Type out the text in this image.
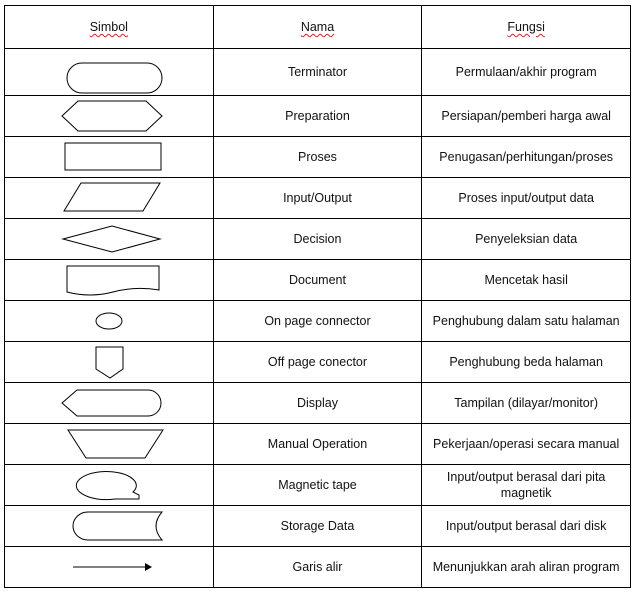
Simbol	Nama	Fungsi

	Terminator	Permulaan/akhir program

	Preparation	Persiapan/pemberi harga awal

	Proses	Penugasan/perhitungan/proses

	Input/Output	Proses input/output data

	Decision	Penyeleksian data

	Document	Mencetak hasil

	On page connector	Penghubung dalam satu halaman

	Off page conector	Penghubung beda halaman

	Display	Tampilan (dilayar/monitor)

	Manual Operation	Pekerjaan/operasi secara manual

	Magnetic tape	Input/output berasal dari pita magnetik

	Storage Data	Input/output berasal dari disk

	Garis alir	Menunjukkan arah aliran program
